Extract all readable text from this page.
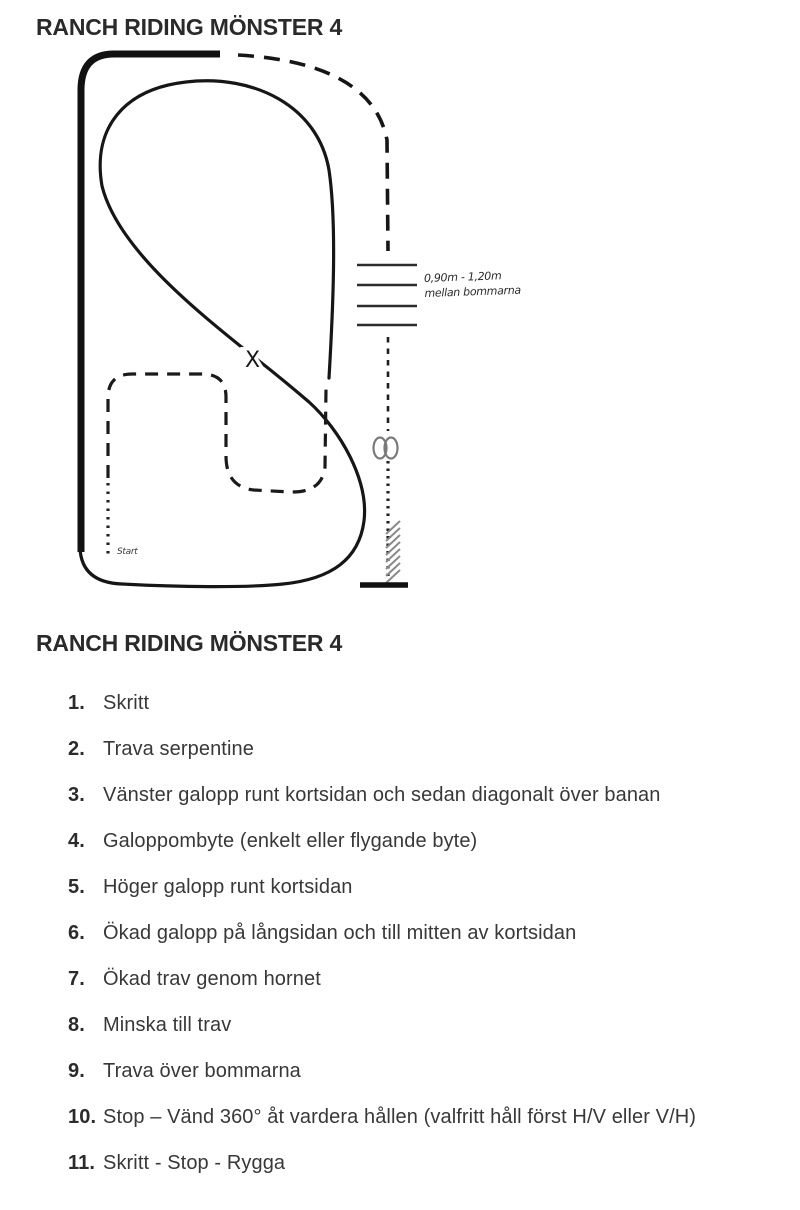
RANCH RIDING MÖNSTER 4
Start
X
0,90m - 1,20m
mellan bommarna
RANCH RIDING MÖNSTER 4
1. Skritt
2. Trava serpentine
3. Vänster galopp runt kortsidan och sedan diagonalt över banan
4. Galoppombyte (enkelt eller flygande byte)
5. Höger galopp runt kortsidan
6. Ökad galopp på långsidan och till mitten av kortsidan
7. Ökad trav genom hornet
8. Minska till trav
9. Trava över bommarna
10. Stop – Vänd 360° åt vardera hållen (valfritt håll först H/V eller V/H)
11. Skritt - Stop - Rygga
